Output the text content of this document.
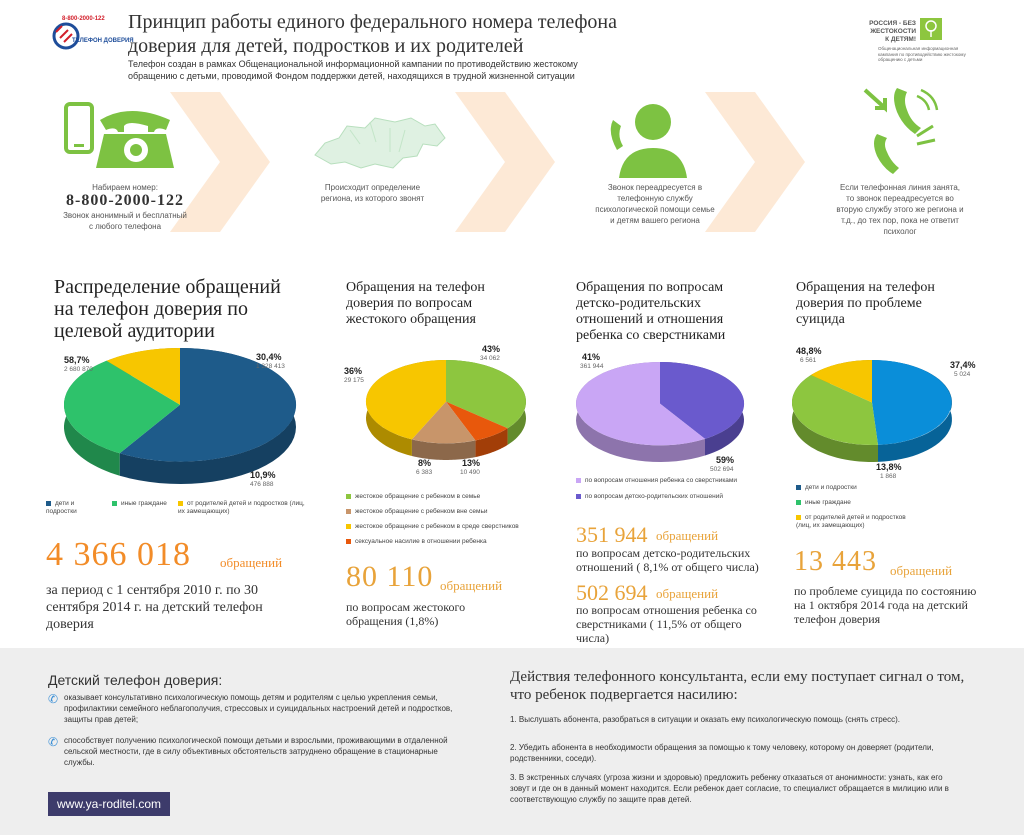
8-800-2000-122
ТЕЛЕФОН ДОВЕРИЯ
Принцип работы единого федерального номера телефона доверия для детей, подростков и их родителей
Телефон создан в рамках Общенациональной информационной кампании по противодействию жестокому обращению с детьми, проводимой Фондом поддержки детей, находящихся в трудной жизненной ситуации
РОССИЯ - БЕЗ ЖЕСТОКОСТИ К ДЕТЯМ!
Общенациональная информационная кампания по противодействию жестокому обращению с детьми
Набираем номер:
8-800-2000-122
Звонок анонимный и бесплатный с любого телефона
Происходит определение региона, из которого звонят
Звонок переадресуется в телефонную службу психологической помощи семье и детям вашего региона
Если телефонная линия занята, то звонок переадресуется во вторую службу этого же региона и т.д., до тех пор, пока не ответит психолог
Распределение обращений на телефон доверия по целевой аудитории
58,7%
2 680 870
30,4%
1 328 413
10,9%
476 888
дети и подростки
иные граждане	от родителей детей и подростков (лиц, их замещающих)
4 366 018 обращений
за период с 1 сентября 2010 г. по 30 сентября 2014 г. на детский телефон доверия
Обращения на телефон доверия по вопросам жестокого обращения
36%
29 175
43%
34 062
8%
6 383
13%
10 490
жестокое обращение с ребенком в семье
жестокое обращение с ребенком вне семьи
жестокое обращение с ребенком в среде сверстников
сексуальное насилие в отношении ребенка
80 110 обращений
по вопросам жестокого обращения (1,8%)
Обращения по вопросам детско-родительских отношений и отношения ребенка со сверстниками
41%
361 944
59%
502 694
по вопросам отношения ребенка со сверстниками
по вопросам детско-родительских отношений
351 944 обращений
по вопросам детско-родительских отношений ( 8,1% от общего числа)
502 694 обращений
по вопросам отношения ребенка со сверстниками ( 11,5% от общего числа)
Обращения на телефон доверия по проблеме суицида
48,8%
6 561	37,4%
5 024
13,8%
1 868
дети и подростки
иные граждане
от родителей детей и подростков (лиц, их замещающих)
13 443 обращений
по проблеме суицида по состоянию на 1 октября 2014 года на детский телефон доверия
Детский телефон доверия:
✆ оказывает консультативно психологическую помощь детям и родителям с целью укрепления семьи, профилактики семейного неблагополучия, стрессовых и суицидальных настроений детей и подростков, защиты прав детей;
✆ способствует получению психологической помощи детьми и взрослыми, проживающими в отдаленной сельской местности, где в силу объективных обстоятельств затруднено обращение в стационарные службы.
www.ya-roditel.com
Действия телефонного консультанта, если ему поступает сигнал о том, что ребенок подвергается насилию:
1. Выслушать абонента, разобраться в ситуации и оказать ему психологическую помощь (снять стресс).
2. Убедить абонента в необходимости обращения за помощью к тому человеку, которому он доверяет (родители, родственники, соседи).
3. В экстренных случаях (угроза жизни и здоровью) предложить ребенку отказаться от анонимности: узнать, как его зовут и где он в данный момент находится. Если ребенок дает согласие, то специалист обращается в милицию или в соответствующую службу по защите прав детей.
